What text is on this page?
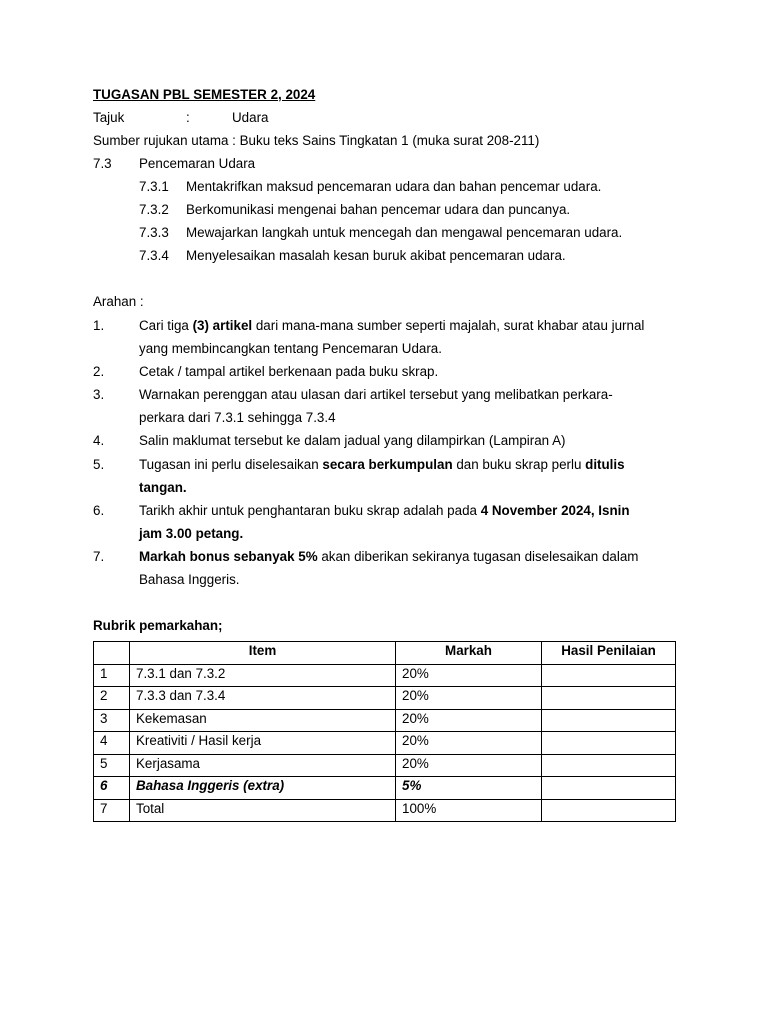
TUGASAN PBL SEMESTER 2, 2024
Tajuk	:	Udara
Sumber rujukan utama : Buku teks Sains Tingkatan 1 (muka surat 208-211)
7.3 Pencemaran Udara
7.3.1 Mentakrifkan maksud pencemaran udara dan bahan pencemar udara.
7.3.2 Berkomunikasi mengenai bahan pencemar udara dan puncanya.
7.3.3 Mewajarkan langkah untuk mencegah dan mengawal pencemaran udara.
7.3.4 Menyelesaikan masalah kesan buruk akibat pencemaran udara.
Arahan :
1.	Cari tiga (3) artikel dari mana-mana sumber seperti majalah, surat khabar atau jurnal
yang membincangkan tentang Pencemaran Udara.
2.	Cetak / tampal artikel berkenaan pada buku skrap.
3.	Warnakan perenggan atau ulasan dari artikel tersebut yang melibatkan perkara-
perkara dari 7.3.1 sehingga 7.3.4
4.	Salin maklumat tersebut ke dalam jadual yang dilampirkan (Lampiran A)
5.	Tugasan ini perlu diselesaikan secara berkumpulan dan buku skrap perlu ditulis
tangan.
6.	Tarikh akhir untuk penghantaran buku skrap adalah pada 4 November 2024, Isnin
jam 3.00 petang.
7.	Markah bonus sebanyak 5% akan diberikan sekiranya tugasan diselesaikan dalam
Bahasa Inggeris.
Rubrik pemarkahan;
	Item	Markah	Hasil Penilaian
1	7.3.1 dan 7.3.2	20%	
2	7.3.3 dan 7.3.4	20%	
3	Kekemasan	20%	
4	Kreativiti / Hasil kerja	20%	
5	Kerjasama	20%	
6	Bahasa Inggeris (extra)	5%	
7	Total	100%	
